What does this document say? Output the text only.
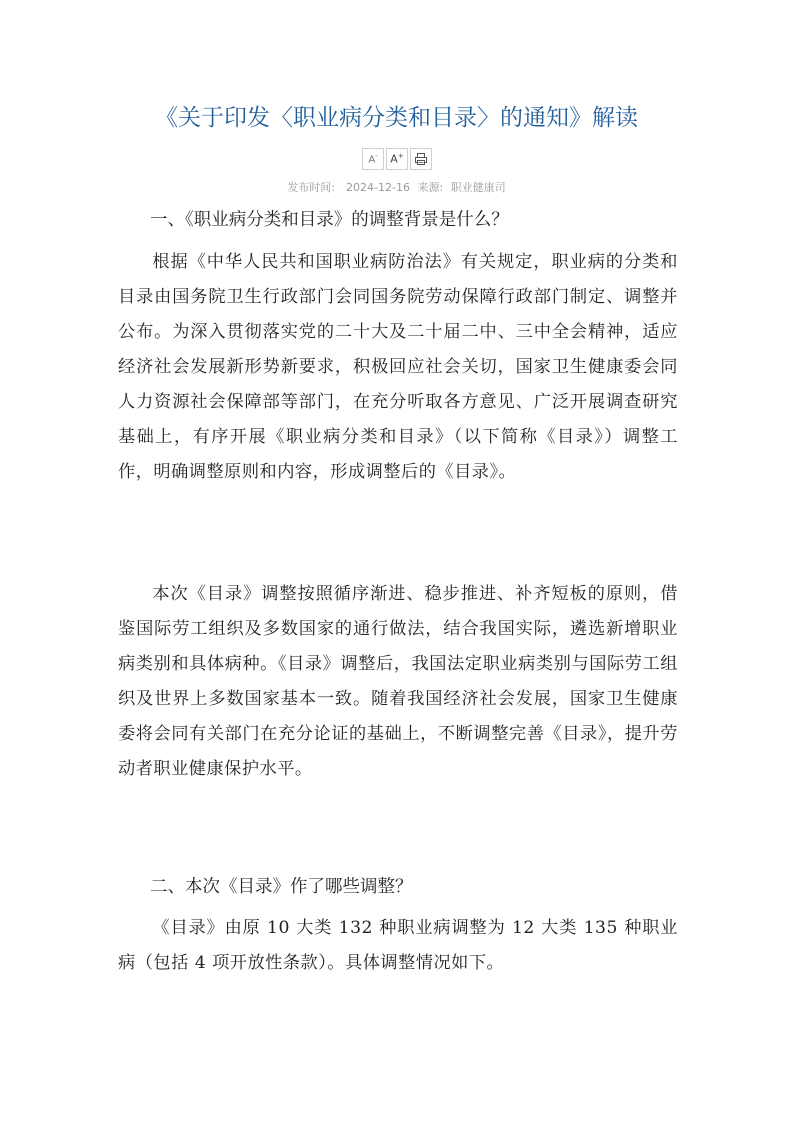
《关于印发〈职业病分类和目录〉的通知》解读
A- A+
发布时间: 2024-12-16 来源: 职业健康司
一、《职业病分类和目录》的调整背景是什么？
根据《中华人民共和国职业病防治法》有关规定，职业病的分类和目录由国务院卫生行政部门会同国务院劳动保障行政部门制定、调整并公布。为深入贯彻落实党的二十大及二十届二中、三中全会精神，适应经济社会发展新形势新要求，积极回应社会关切，国家卫生健康委会同人力资源社会保障部等部门，在充分听取各方意见、广泛开展调查研究基础上，有序开展《职业病分类和目录》（以下简称《目录》）调整工作，明确调整原则和内容，形成调整后的《目录》。
本次《目录》调整按照循序渐进、稳步推进、补齐短板的原则，借鉴国际劳工组织及多数国家的通行做法，结合我国实际，遴选新增职业病类别和具体病种。《目录》调整后，我国法定职业病类别与国际劳工组织及世界上多数国家基本一致。随着我国经济社会发展，国家卫生健康委将会同有关部门在充分论证的基础上，不断调整完善《目录》，提升劳动者职业健康保护水平。
二、本次《目录》作了哪些调整？
《目录》由原 10 大类 132 种职业病调整为 12 大类 135 种职业病（包括 4 项开放性条款）。具体调整情况如下。
